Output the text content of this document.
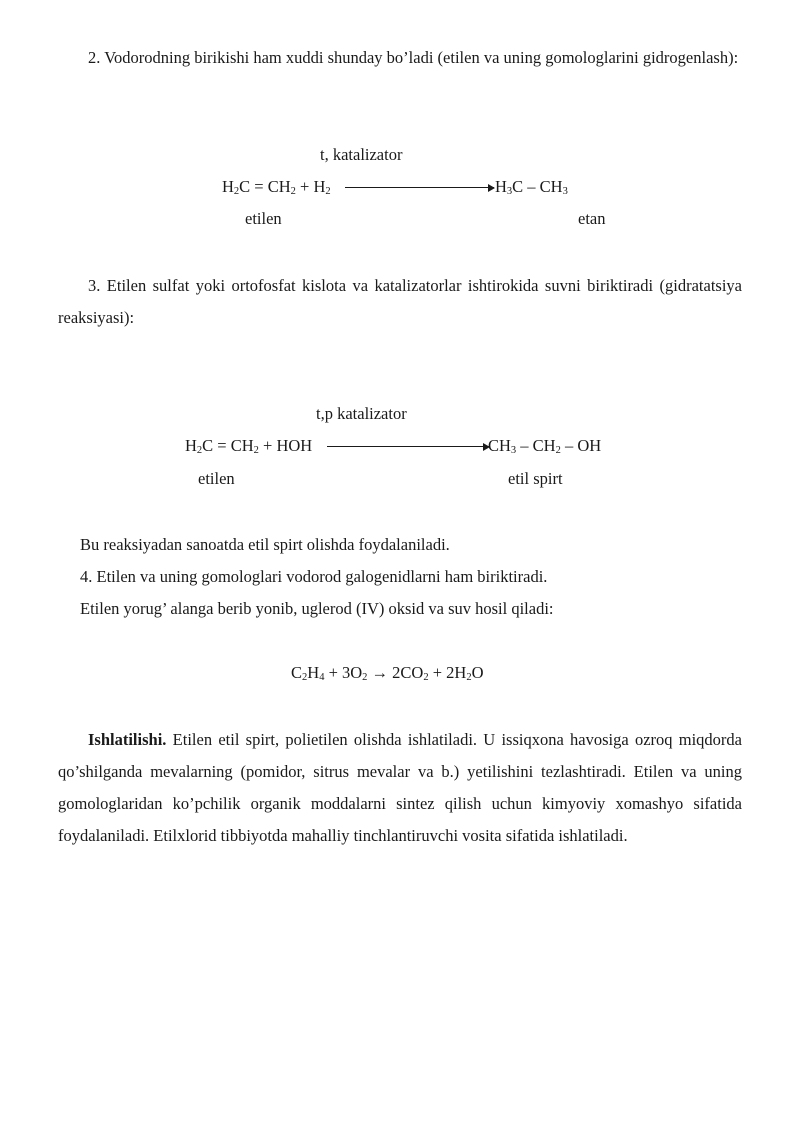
2. Vodorodning birikishi ham xuddi shunday bo’ladi (etilen va uning gomologlarini gidrogenlash):

t, katalizator
$H_2C = CH_2 + H_2$	$H_3C - CH_3$
etilen	etan

3. Etilen sulfat yoki ortofosfat kislota va katalizatorlar ishtirokida suvni biriktiradi (gidratatsiya reaksiyasi):

t,p katalizator
$H_2C = CH_2$ + HOH	$CH_3 - CH_2$ – OH
etilen	etil spirt
Bu reaksiyadan sanoatda etil spirt olishda foydalaniladi.
4. Etilen va uning gomologlari vodorod galogenidlarni ham biriktiradi.
Etilen yorug’ alanga berib yonib, uglerod (IV) oksid va suv hosil qiladi:
$C_2H_4 + 3O_2 \to 2CO_2 + 2H_2O$

Ishlatilishi. Etilen etil spirt, polietilen olishda ishlatiladi. U issiqxona havosiga ozroq miqdorda qo’shilganda mevalarning (pomidor, sitrus mevalar va b.) yetilishini tezlashtiradi. Etilen va uning gomologlaridan ko’pchilik organik moddalarni sintez qilish uchun kimyoviy xomashyo sifatida foydalaniladi. Etilxlorid tibbiyotda mahalliy tinchlantiruvchi vosita sifatida ishlatiladi.
